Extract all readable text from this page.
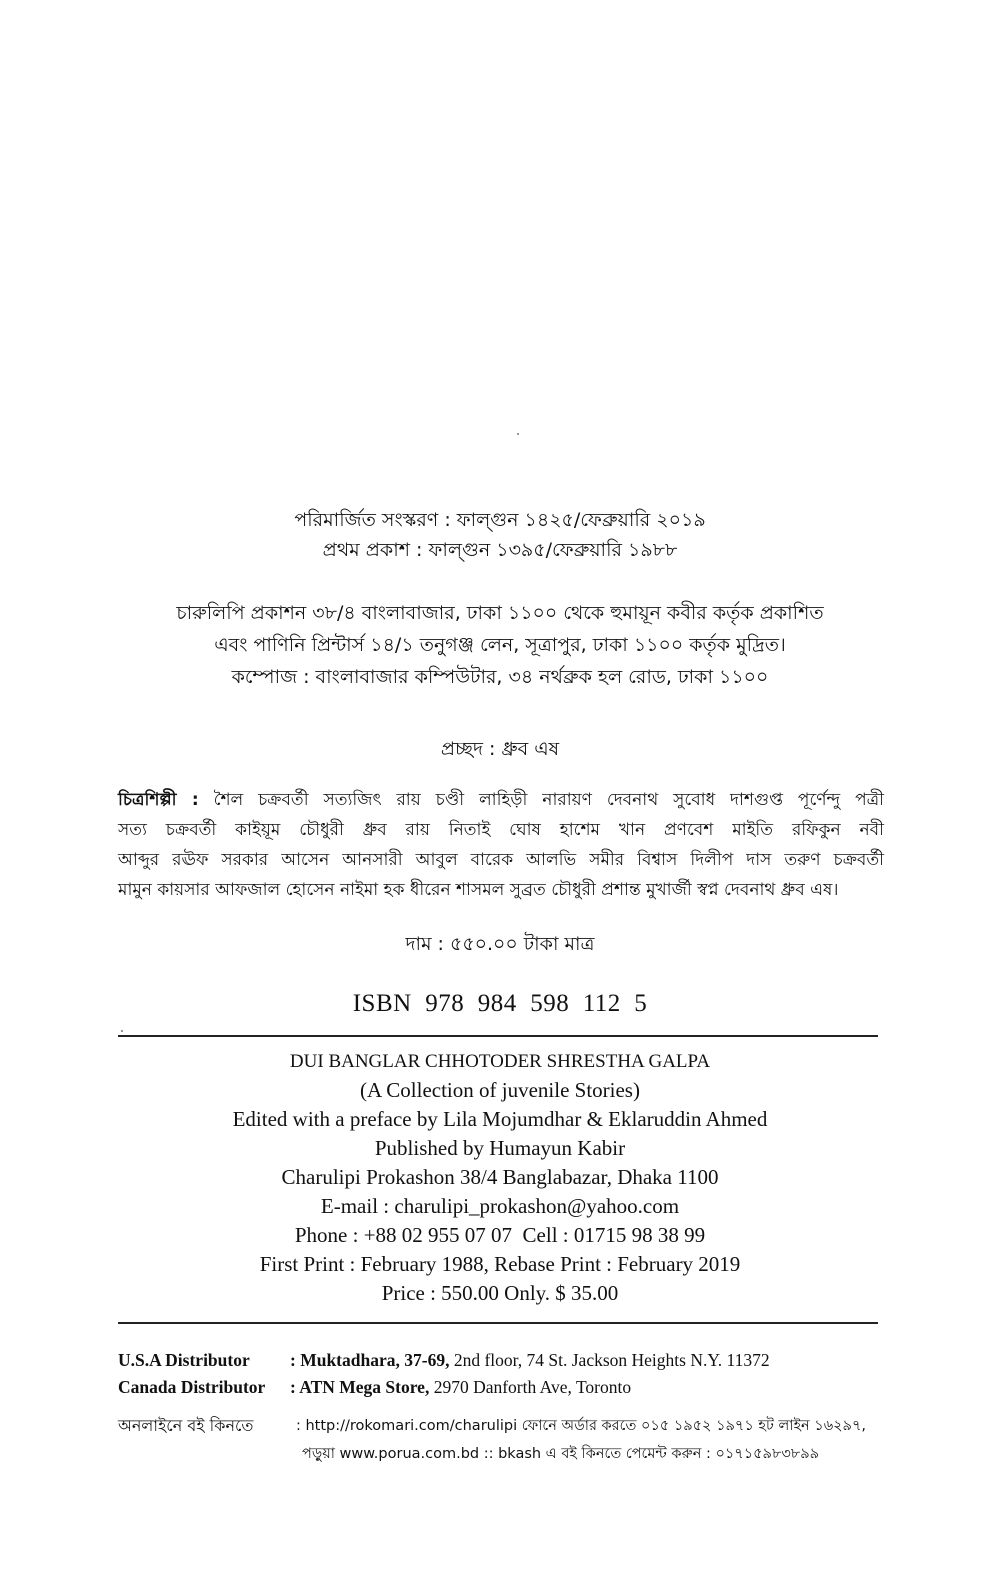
পরিমার্জিত সংস্করণ : ফাল্গুন ১৪২৫/ফেব্রুয়ারি ২০১৯
প্রথম প্রকাশ : ফাল্গুন ১৩৯৫/ফেব্রুয়ারি ১৯৮৮
চারুলিপি প্রকাশন ৩৮/৪ বাংলাবাজার, ঢাকা ১১০০ থেকে হুমায়ূন কবীর কর্তৃক প্রকাশিত
এবং পাণিনি প্রিন্টার্স ১৪/১ তনুগঞ্জ লেন, সূত্রাপুর, ঢাকা ১১০০ কর্তৃক মুদ্রিত।
কম্পোজ : বাংলাবাজার কম্পিউটার, ৩৪ নর্থব্রুক হল রোড, ঢাকা ১১০০
প্রচ্ছদ : ধ্রুব এষ
চিত্রশিল্পী : শৈল চক্রবর্তী সত্যজিৎ রায় চণ্ডী লাহিড়ী নারায়ণ দেবনাথ সুবোধ দাশগুপ্ত পূর্ণেন্দু পত্রী
সত্য চক্রবর্তী কাইয়ূম চৌধুরী ধ্রুব রায় নিতাই ঘোষ হাশেম খান প্রণবেশ মাইতি রফিকুন নবী
আব্দুর রঊফ সরকার আসেন আনসারী আবুল বারেক আলভি সমীর বিশ্বাস দিলীপ দাস তরুণ চক্রবর্তী
মামুন কায়সার আফজাল হোসেন নাইমা হক ধীরেন শাসমল সুব্রত চৌধুরী প্রশান্ত মুখার্জী স্বপ্ন দেবনাথ ধ্রুব এষ।
দাম : ৫৫০.০০ টাকা মাত্র
ISBN  978  984  598  112  5
DUI BANGLAR CHHOTODER SHRESTHA GALPA
(A Collection of juvenile Stories)
Edited with a preface by Lila Mojumdhar & Eklaruddin Ahmed
Published by Humayun Kabir
Charulipi Prokashon 38/4 Banglabazar, Dhaka 1100
E-mail : charulipi_prokashon@yahoo.com
Phone : +88 02 955 07 07  Cell : 01715 98 38 99
First Print : February 1988, Rebase Print : February 2019
Price : 550.00 Only. $ 35.00
U.S.A Distributor : Muktadhara, 37-69, 2nd floor, 74 St. Jackson Heights N.Y. 11372
Canada Distributor : ATN Mega Store, 2970 Danforth Ave, Toronto
অনলাইনে বই কিনতে	: http://rokomari.com/charulipi ফোনে অর্ডার করতে ০১৫ ১৯৫২ ১৯৭১ হট লাইন ১৬২৯৭,
পড়ুয়া www.porua.com.bd :: bkash এ বই কিনতে পেমেন্ট করুন : ০১৭১৫৯৮৩৮৯৯
